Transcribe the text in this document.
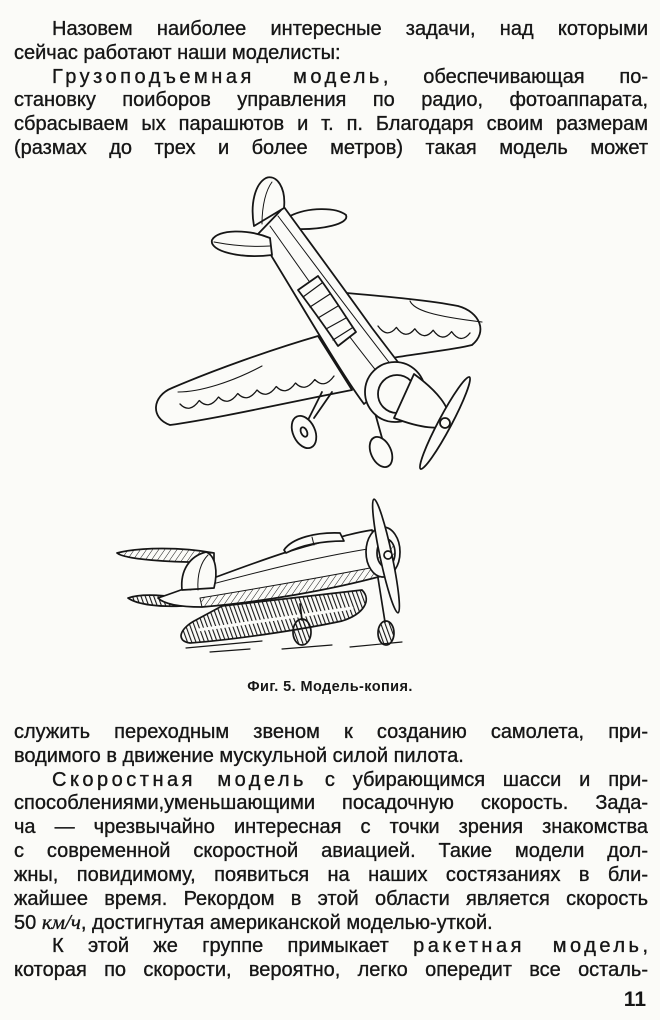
Назовем наиболее интересные задачи, над которыми
сейчас работают наши моделисты:
Грузоподъемная модель, обеспечивающая по-
становку поиборов управления по радио, фотоаппарата,
сбрасываем ых парашютов и т. п. Благодаря своим размерам
(размах до трех и более метров) такая модель может
Фиг. 5. Модель-копия.
служить переходным звеном к созданию самолета, при-
водимого в движение мускульной силой пилота.
Скоростная модель с убирающимся шасси и при-
способлениями,уменьшающими посадочную скорость. Зада-
ча — чрезвычайно интересная с точки зрения знакомства
с современной скоростной авиацией. Такие модели дол-
жны, повидимому, появиться на наших состязаниях в бли-
жайшее время. Рекордом в этой области является скорость
50 км/ч, достигнутая американской моделью-уткой.
К этой же группе примыкает ракетная модель,
которая по скорости, вероятно, легко опередит все осталь-
11
